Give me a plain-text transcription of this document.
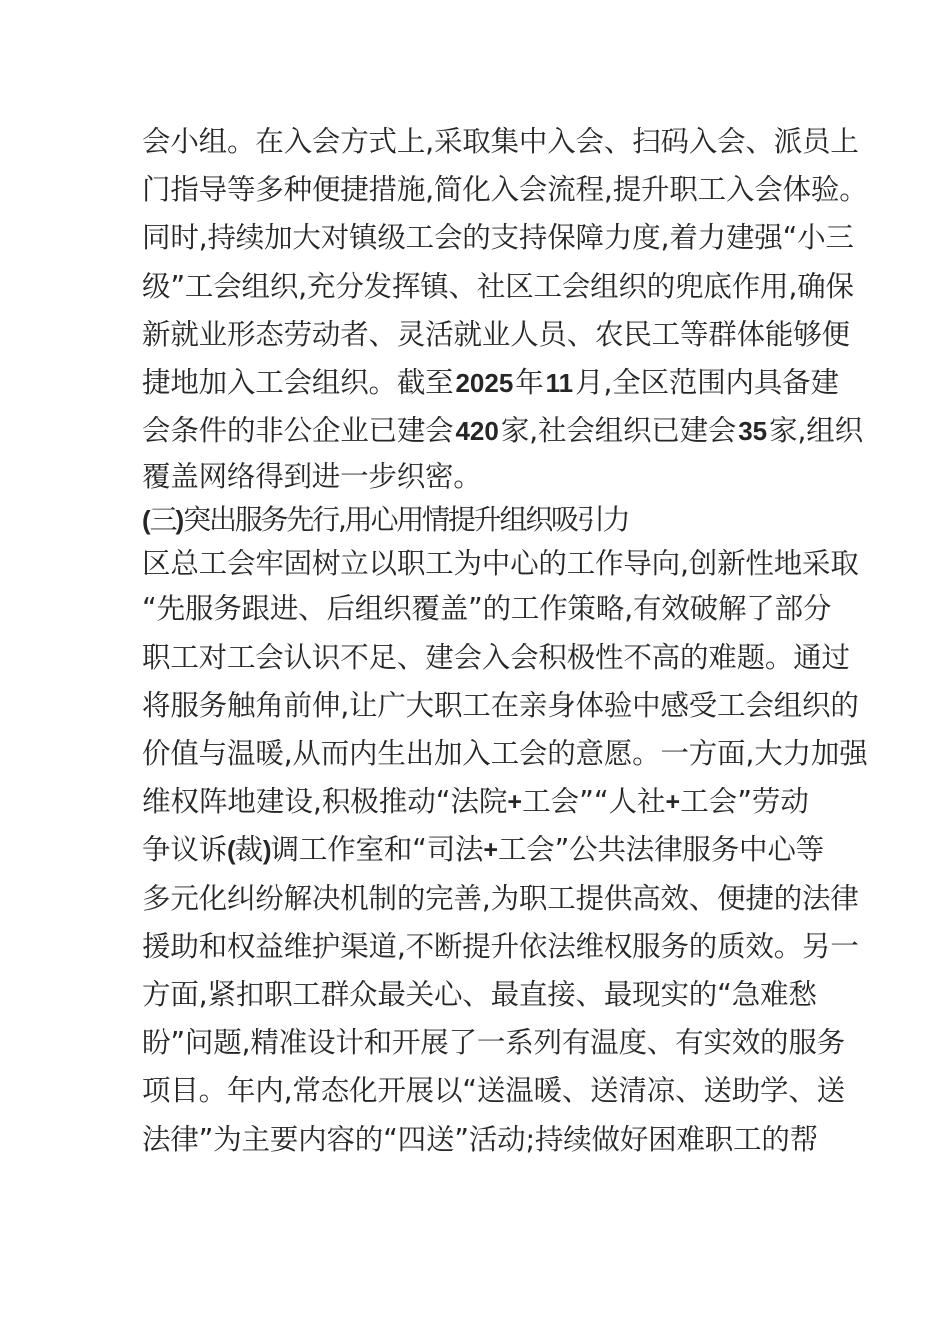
会 小 组 。 在 入 会 方 式 上 , 采 取 集 中 入 会 、 扫 码 入 会 、 派 员 上
门 指 导 等 多 种 便 捷 措 施 , 简 化 入 会 流 程 , 提 升 职 工 入 会 体 验 。
同 时 , 持 续 加 大 对 镇 级 工 会 的 支 持 保 障 力 度 , 着 力 建 强 “ 小 三
级 ” 工 会 组 织 , 充 分 发 挥 镇 、 社 区 工 会 组 织 的 兜 底 作 用 , 确 保
新 就 业 形 态 劳 动 者 、 灵 活 就 业 人 员 、 农 民 工 等 群 体 能 够 便
捷 地 加 入 工 会 组 织 。 截 至 2025 年 11 月 , 全 区 范 围 内 具 备 建
会 条 件 的 非 公 企 业 已 建 会 420 家 , 社 会 组 织 已 建 会 35 家 , 组 织
覆盖网络得到进一步织密。
(三)突出服务先行,用心用情提升组织吸引力
区 总 工 会 牢 固 树 立 以 职 工 为 中 心 的 工 作 导 向 , 创 新 性 地 采 取
“ 先 服 务 跟 进 、 后 组 织 覆 盖 ” 的 工 作 策 略 , 有 效 破 解 了 部 分
职 工 对 工 会 认 识 不 足 、 建 会 入 会 积 极 性 不 高 的 难 题 。 通 过
将 服 务 触 角 前 伸 , 让 广 大 职 工 在 亲 身 体 验 中 感 受 工 会 组 织 的
价 值 与 温 暖 , 从 而 内 生 出 加 入 工 会 的 意 愿 。 一 方 面 , 大 力 加 强
维 权 阵 地 建 设 , 积 极 推 动 “ 法 院 + 工 会 ” “ 人 社 + 工 会 ” 劳 动
争 议 诉 ( 裁 ) 调 工 作 室 和 “ 司 法 + 工 会 ” 公 共 法 律 服 务 中 心 等
多 元 化 纠 纷 解 决 机 制 的 完 善 , 为 职 工 提 供 高 效 、 便 捷 的 法 律
援 助 和 权 益 维 护 渠 道 , 不 断 提 升 依 法 维 权 服 务 的 质 效 。 另 一
方 面 , 紧 扣 职 工 群 众 最 关 心 、 最 直 接 、 最 现 实 的 “ 急 难 愁
盼 ” 问 题 , 精 准 设 计 和 开 展 了 一 系 列 有 温 度 、 有 实 效 的 服 务
项 目 。 年 内 , 常 态 化 开 展 以 “ 送 温 暖 、 送 清 凉 、 送 助 学 、 送
法 律 ” 为 主 要 内 容 的 “ 四 送 ” 活 动 ; 持 续 做 好 困 难 职 工 的 帮
